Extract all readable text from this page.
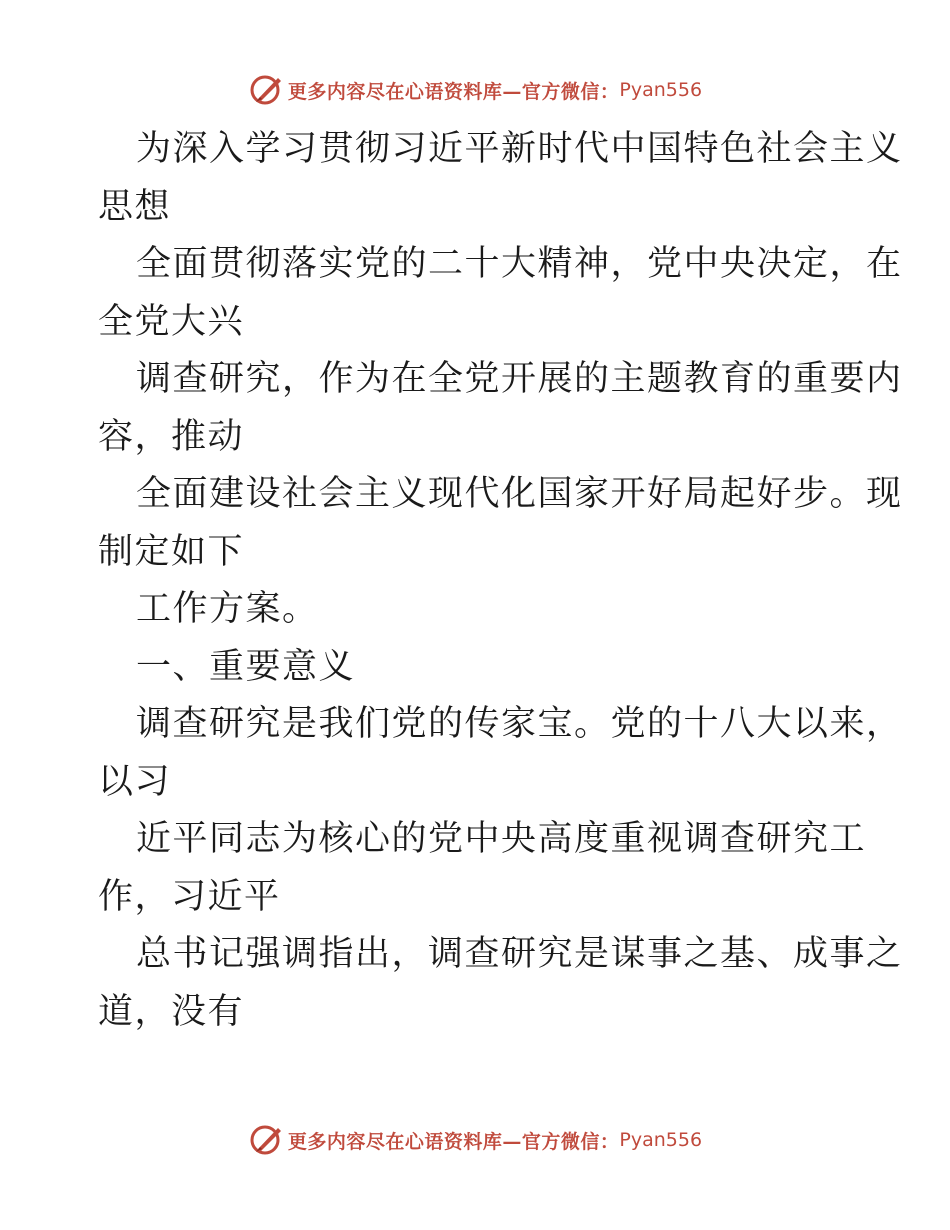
更多内容尽在心语资料库—官方微信： Pyan556
为深入学习贯彻习近平新时代中国特色社会主义
思想
全面贯彻落实党的二十大精神，党中央决定，在
全党大兴
调查研究，作为在全党开展的主题教育的重要内
容，推动
全面建设社会主义现代化国家开好局起好步。现
制定如下
工作方案。
一、重要意义
调查研究是我们党的传家宝。党的十八大以来，
以习
近平同志为核心的党中央高度重视调查研究工
作，习近平
总书记强调指出，调查研究是谋事之基、成事之
道，没有
更多内容尽在心语资料库—官方微信： Pyan556
